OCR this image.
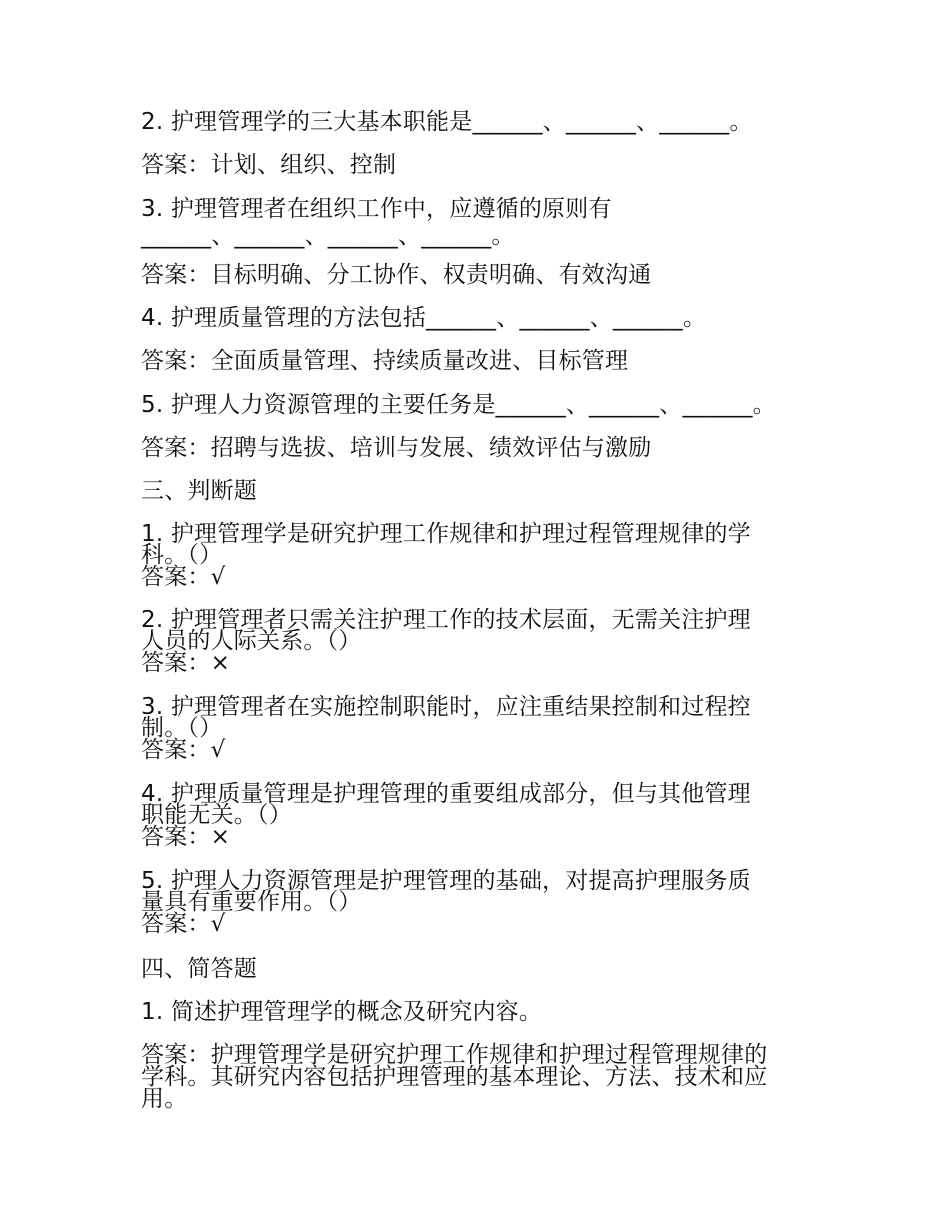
2. 护理管理学的三大基本职能是______、______、______。

答案：计划、组织、控制

3. 护理管理者在组织工作中，应遵循的原则有

______、______、______、______。

答案：目标明确、分工协作、权责明确、有效沟通

4. 护理质量管理的方法包括______、______、______。

答案：全面质量管理、持续质量改进、目标管理

5. 护理人力资源管理的主要任务是______、______、______。

答案：招聘与选拔、培训与发展、绩效评估与激励

三、判断题

1. 护理管理学是研究护理工作规律和护理过程管理规律的学

科。（）

答案：√

2. 护理管理者只需关注护理工作的技术层面，无需关注护理

人员的人际关系。（）

答案：×

3. 护理管理者在实施控制职能时，应注重结果控制和过程控

制。（）

答案：√

4. 护理质量管理是护理管理的重要组成部分，但与其他管理

职能无关。（）

答案：×

5. 护理人力资源管理是护理管理的基础，对提高护理服务质

量具有重要作用。（）

答案：√

四、简答题

1. 简述护理管理学的概念及研究内容。

答案：护理管理学是研究护理工作规律和护理过程管理规律的

学科。其研究内容包括护理管理的基本理论、方法、技术和应

用。
